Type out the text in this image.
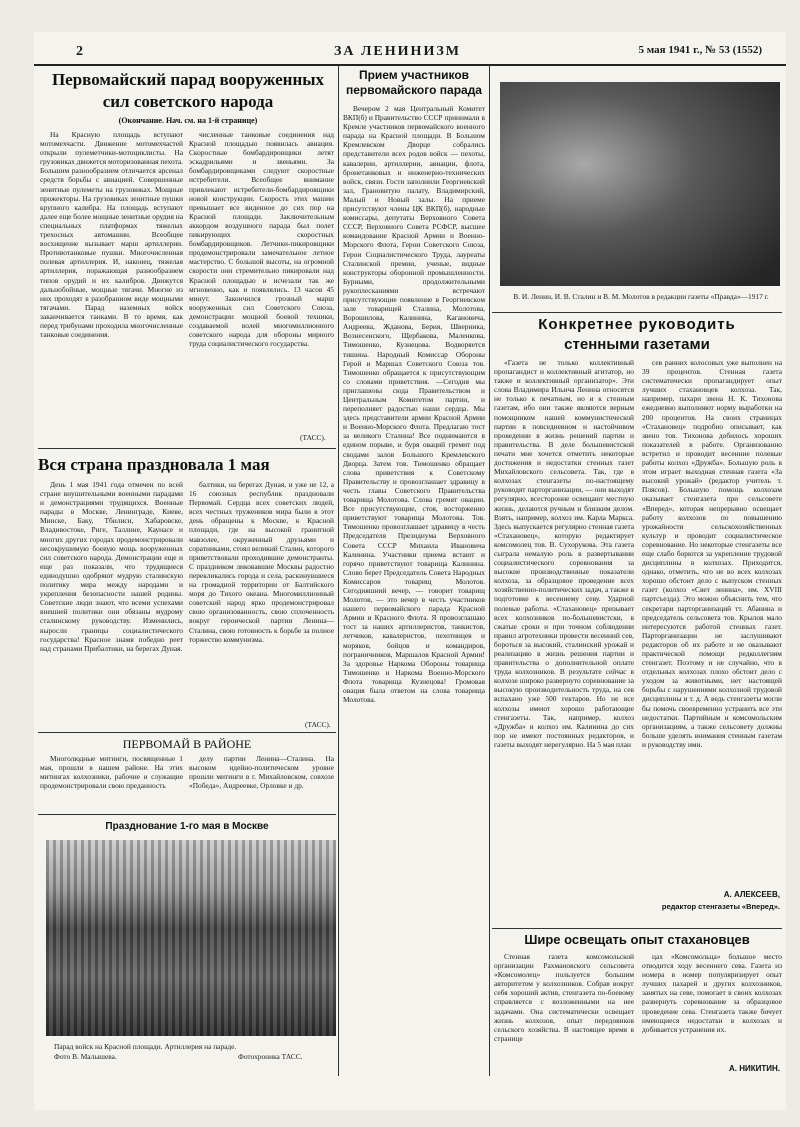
2	ЗА ЛЕНИНИЗМ	5 мая 1941 г., № 53 (1552)
Первомайский парад вооруженных
сил советского народа
(Окончание. Нач. см. на 1-й странице)

На Красную площадь вступают мотомехчасти. Движение мотомехчастей открыли пулеметчики-мотоциклисты. На грузовиках движется моторизованная пехота. Большим разнообразием отличается арсенал средств борьбы с авиацией. Совершенные зенитные пулеметы на грузовиках. Мощные прожекторы. На грузовиках зенитные пушки крупного калибра. На площадь вступают далее еще более мощные зенитные орудия на специальных платформах тяжелых трехосных автомашин. Всеобщее восхищение вызывает марш артиллерии. Противотанковые пушки. Многочисленная полевая артиллерия. И, наконец, тяжелая артиллерия, поражающая разнообразием типов орудий и их калибров. Движутся дальнобойные, мощные тягачи. Многие из них проходят в разобранном виде мощными тягачами. Парад наземных войск заканчивается танками. В то время, как перед трибунами проходила многочисленные танковые соединения.

численные танковые соединения над Красной площадью появилась авиация. Скоростные бомбардировщики летят эскадрильями и звеньями. За бомбардировщиками следуют скоростные истребители. Всеобщее внимание привлекают истребители-бомбардировщики новой конструкции. Скорость этих машин превышает все виденное до сих пор на Красной площади. Заключительным аккордом воздушного парада был полет пикирующих скоростных бомбардировщиков. Летчики-пикировщики продемонстрировали замечательное летное мастерство. С большой высоты, на огромной скорости они стремительно пикировали над Красной площадью и исчезали так же мгновенно, как и появлялись. 13 часов 45 минут. Закончился грозный марш вооруженных сил Советского Союза, демонстрации мощной боевой техники, создаваемой волей многомиллионного советского народа для обороны мирного труда социалистического государства.

(ТАСС).
Вся страна праздновала 1 мая

День 1 мая 1941 года отмечен по всей стране внушительными военными парадами и демонстрациями трудящихся. Военные парады в Москве, Ленинграде, Киеве, Минске, Баку, Тбилиси, Хабаровске, Владивостоке, Риге, Таллине, Каунасе и многих других городах продемонстрировали несокрушимую боевую мощь вооруженных сил советского народа. Демонстрации еще и еще раз показали, что трудящиеся единодушно одобряют мудрую сталинскую политику мира между народами и укрепления безопасности нашей родины. Советские люди знают, что всеми успехами внешней политики они обязаны мудрому сталинскому руководству. Изменились, выросли границы социалистического государства! Красное знамя победно реет над странами Прибалтики, на берегах Дуная.

балтики, на берегах Дуная, и уже не 12, а 16 союзных республик праздновали Первомай. Сердца всех советских людей, всех честных тружеников мира были в этот день обращены к Москве, к Красной площади, где на высокой гранитной мавзолее, окруженный друзьями и соратниками, стоял великий Сталин, которого приветствовали проходившие демонстранты. С праздником ликовавшие Москвы радостно перекликались города и села, раскинувшиеся на громадной территории от Балтийского моря до Тихого океана. Многомиллионный советский народ ярко продемонстрировал свою организованность, свою сплоченность вокруг героической партии Ленина—Сталина, свою готовность к борьбе за полное торжество коммунизма.

(ТАСС).
ПЕРВОМАЙ В РАЙОНЕ

Многолюдные митинги, посвященные 1 мая, прошли в нашем районе. На этих митингах колхозники, рабочие и служащие продемонстрировали свою преданность

делу партии Ленина—Сталина. На высоком идейно-политическом уровне прошли митинги в г. Михайловском, совхозе «Победа», Андреевке, Орловке и др.

Празднование 1-го мая в Москве
Парад войск на Красной площади. Артиллерия на параде.
Фото В. Малышева.	Фотохроника ТАСС.
Прием участников
первомайского парада

Вечером 2 мая Центральный Комитет ВКП(б) и Правительство СССР принимали в Кремле участников первомайского военного парада на Красной площади. В Большом Кремлевском Дворце собрались представители всех родов войск — пехоты, кавалерии, артиллерии, авиации, флота, бронетанковых и инженерно-технических войск, связи. Гости заполнили Георгиевский зал, Грановитую палату, Владимирский, Малый и Новый залы. На приеме присутствуют члены ЦК ВКП(б), народные комиссары, депутаты Верховного Совета СССР, Верховного Совета РСФСР, высшее командование Красной Армии и Военно-Морского Флота, Герои Советского Союза, Герои Социалистического Труда, лауреаты Сталинской премии, ученые, видные конструкторы оборонной промышленности. Бурными, продолжительными рукоплесканиями встречают присутствующие появление в Георгиевском зале товарищей Сталина, Молотова, Ворошилова, Калинина, Кагановича, Андреева, Жданова, Берия, Шверника, Вознесенского, Щербакова, Маленкова, Тимошенко, Кузнецова. Водворяется тишина. Народный Комиссар Обороны Герой и Маршал Советского Союза тов. Тимошенко обращается к присутствующим со словами приветствия. —Сегодня мы приглашены сюда Правительством и Центральным Комитетом партии, и переполняет радостью наши сердца. Мы здесь представители армии Красной Армии и Военно-Морского Флота. Предлагаю тост за великого Сталина! Все поднимаются в едином порыве, и буря оваций гремит под сводами залов Большого Кремлевского Дворца. Затем тов. Тимошенко обращает слова приветствия к Советскому Правительству и провозглашает здравицу в честь главы Советского Правительства товарища Молотова. Слова гремят овации. Все присутствующие, стоя, восторженно приветствуют товарища Молотова. Тов. Тимошенко провозглашает здравицу в честь Председателя Президиума Верховного Совета СССР Михаила Ивановича Калинина. Участники приема встают и горячо приветствуют товарища Калинина. Слово берет Председатель Совета Народных Комиссаров товарищ Молотов. Сегодняшний вечер, — говорит товарищ Молотов, — это вечер в честь участников нашего первомайского парада Красной Армии и Красного Флота. Я провозглашаю тост за наших артиллеристов, танкистов, летчиков, кавалеристов, пехотинцев и моряков, бойцов и командиров, пограничников, Маршалов Красной Армии! За здоровье Наркома Обороны товарища Тимошенко и Наркома Военно-Морского Флота товарища Кузнецова! Громовая овация была ответом на слова товарища Молотова.

В. И. Ленин, И. В. Сталин и В. М. Молотов в редакции газеты «Правда»—1917 г.
Конкретнее руководить
стенными газетами

«Газета не только коллективный пропагандист и коллективный агитатор, но также и коллективный организатор». Эти слова Владимира Ильича Ленина относятся не только к печатным, но и к стенным газетам, ибо они также являются верным помощником нашей коммунистической партии в повседневном и настойчивом проведении в жизнь решений партии и правительства. В деле большевистской печати мне хочется отметить некоторые достижения и недостатки стенных газет Михайловского сельсовета. Так, где в колхозах стенгазеты по-настоящему руководят парторганизации, — они выходят регулярно, всесторонне освещают местную жизнь, делаются ручным и близким делом. Взять, например, колхоз им. Карла Маркса. Здесь выпускается регулярно стенная газета «Стахановец», которую редактирует комсомолец тов. В. Сухорукова. Эта газета сыграла немалую роль в развертывании социалистического соревнования за высокие производственные показатели колхоза, за образцовое проведение всех хозяйственно-политических задач, а также в подготовке к весеннему севу. Ударной полевые работы. «Стахановец» призывает всех колхозников по-большевистски, в сжатые сроки и при точном соблюдении правил агротехники провести весенний сев, бороться за высокий, сталинский урожай и реализацию в жизнь решения партии и правительства о дополнительной оплате труда колхозников. В результате сейчас в колхозе широко развернуто соревнование за высокую производительность труда, на сев вспахано уже 500 гектаров. Но не все колхозы имеют хорошо работающие стенгазеты. Так, например, колхоз «Дружба» и колхоз им. Калинина до сих пор не имеют постоянных редакторов, и газеты выходят нерегулярно. На 5 мая план

сев ранних колосовых уже выполнен на 39 процентов. Стенная газета систематически пропагандирует опыт лучших стахановцев колхоза. Так, например, пахари звена Н. К. Тихонова ежедневно выполняют норму выработки на 200 процентов. На своих страницах «Стахановец» подробно описывает, как звено тов. Тихонова добилось хороших показателей в работе. Организованно встретил и проводит весенние полевые работы колхоз «Дружба». Большую роль в этом играет выходная стенная газета «За высокий урожай» (редактор учитель т. Плясов). Большую помощь колхозам оказывает стенгазета при сельсовете «Вперед», которая непрерывно освещает работу колхозов по повышению урожайности сельскохозяйственных культур и проводит социалистическое соревнование. Но некоторые стенгазеты все еще слабо борются за укрепление трудовой дисциплины в колхозах. Приходится, однако, отметить, что не во всех колхозах хорошо обстоит дело с выпуском стенных газет (колхоз «Свет ленина», им. XVIII партсъезда). Это можно объяснить тем, что секретари парторганизаций тт. Абанина и председатель сельсовета тов. Крылов мало интересуются работой стенных газет. Парторганизации не заслушивают редакторов об их работе и не оказывают практической помощи редколлегиям стенгазет. Поэтому и не случайно, что в отдельных колхозах плохо обстоит дело с уходом за животными, нет настоящей борьбы с нарушениями колхозной трудовой дисциплины и т. д. А ведь стенгазеты могли бы помочь своевременно устранить все эти недостатки. Партийным и комсомольским организациям, а также сельсовету должны больше уделять внимания стенным газетам и руководству ими.

А. АЛЕКСЕЕВ,
редактор стенгазеты «Вперед».
Шире освещать опыт стахановцев

Стенная газета комсомольской организации Рахмановского сельсовета «Комсомолец» пользуется большим авторитетом у колхозников. Собрав вокруг себя хороший актив, стенгазета по-боевому справляется с возложенными на нее задачами. Она систематически освещает жизнь колхозов, опыт передовиков сельского хозяйства. В настоящее время в странице

цах «Комсомольца» большое место отводится ходу весеннего сева. Газета из номера в номер популяризирует опыт лучших пахарей и других колхозников, занятых на севе, помогает в своих колхозах развернуть соревнование за образцовое проведение сева. Стенгазета также бичует имеющиеся недостатки в колхозах и добивается устранения их.

А. НИКИТИН.
